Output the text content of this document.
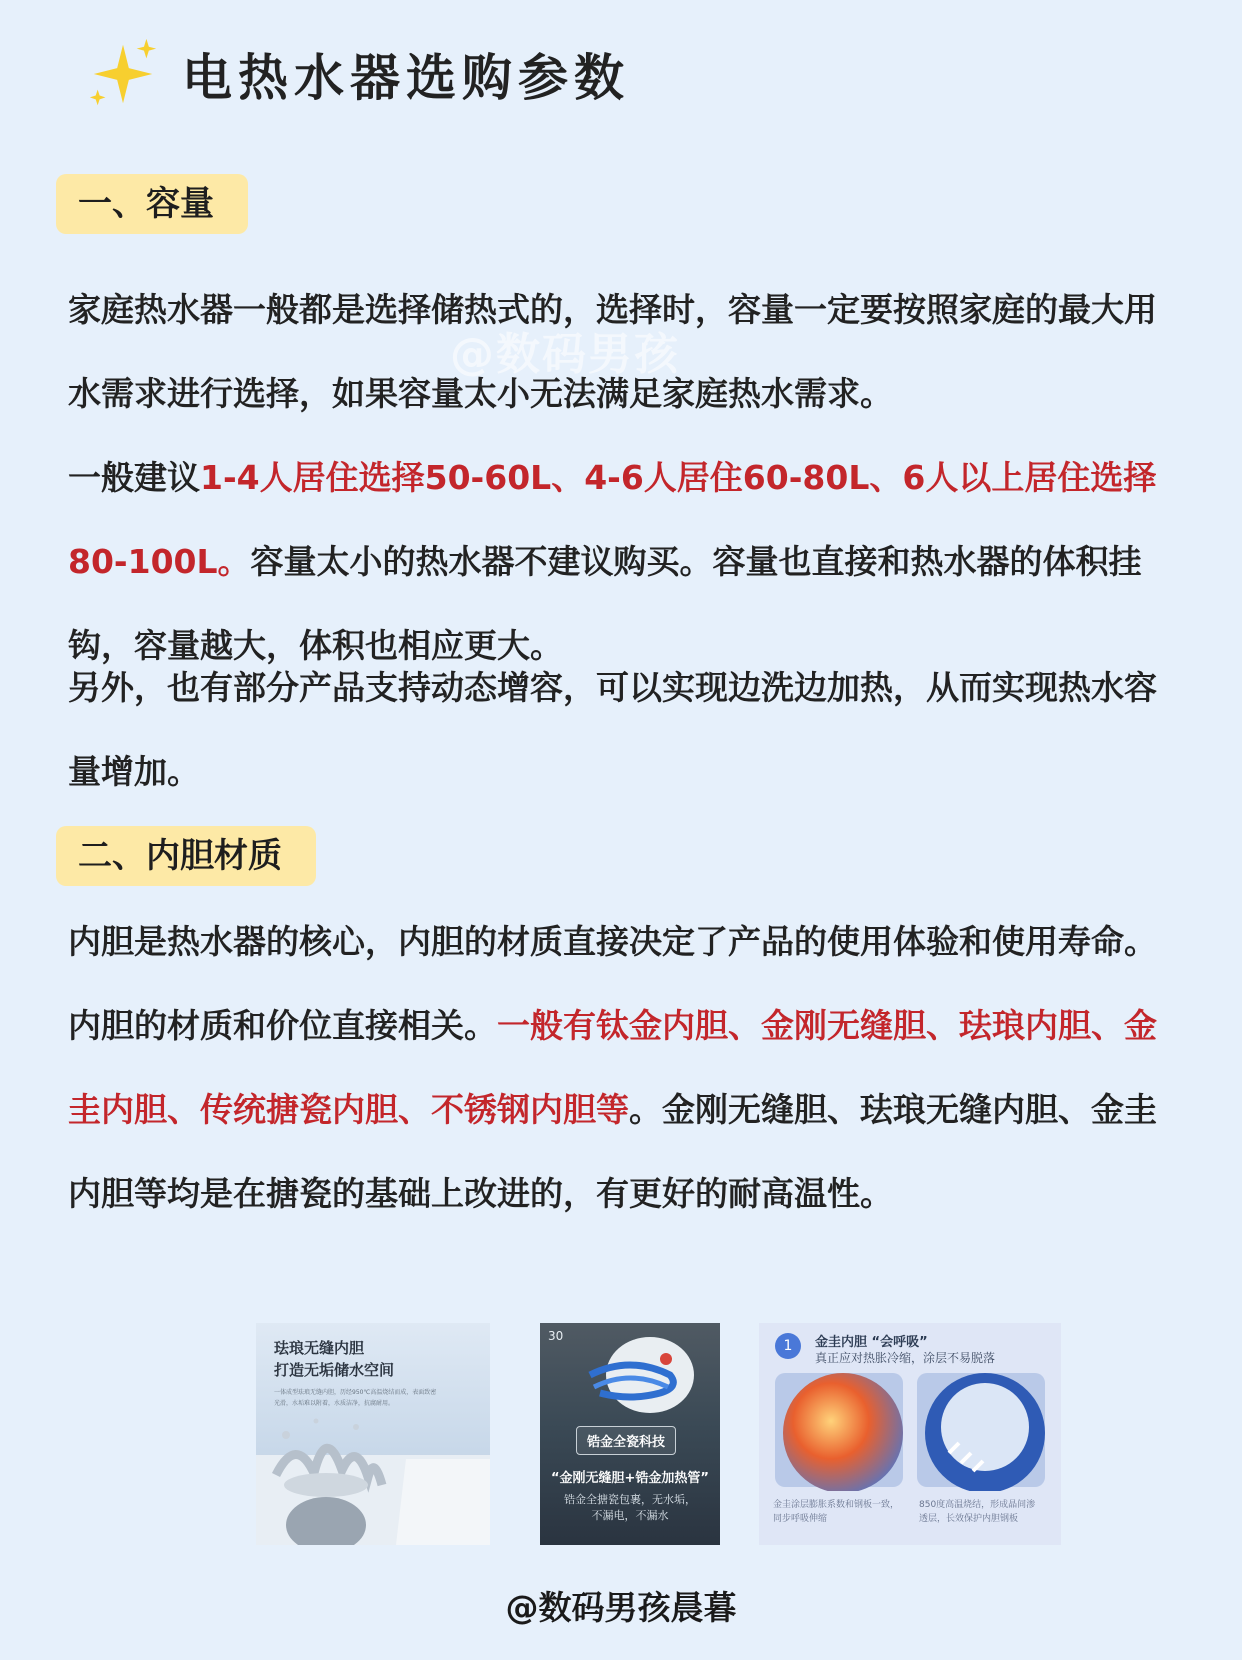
电热水器选购参数
@数码男孩
一、容量

家庭热水器一般都是选择储热式的，选择时，容量一定要按照家庭的最大用水需求进行选择，如果容量太小无法满足家庭热水需求。

一般建议1-4人居住选择50-60L、4-6人居住60-80L、6人以上居住选择80-100L。容量太小的热水器不建议购买。容量也直接和热水器的体积挂钩，容量越大，体积也相应更大。

另外，也有部分产品支持动态增容，可以实现边洗边加热，从而实现热水容量增加。

二、内胆材质

内胆是热水器的核心，内胆的材质直接决定了产品的使用体验和使用寿命。内胆的材质和价位直接相关。一般有钛金内胆、金刚无缝胆、珐琅内胆、金圭内胆、传统搪瓷内胆、不锈钢内胆等。金刚无缝胆、珐琅无缝内胆、金圭内胆等均是在搪瓷的基础上改进的，有更好的耐高温性。

珐琅无缝内胆
打造无垢储水空间
一体成型珐琅无缝内胆，历经950℃高温烧结而成，表面致密
光滑，水垢难以附着，水质洁净，抗腐耐用。
30
锆金全瓷科技
“金刚无缝胆+锆金加热管”
锆金全搪瓷包裹，无水垢，
不漏电，不漏水
1	金圭内胆 “会呼吸”
真正应对热胀冷缩，涂层不易脱落
金圭涂层膨胀系数和钢板一致，
同步呼吸伸缩
850度高温烧结，形成晶间渗
透层，长效保护内胆钢板
@数码男孩晨暮
